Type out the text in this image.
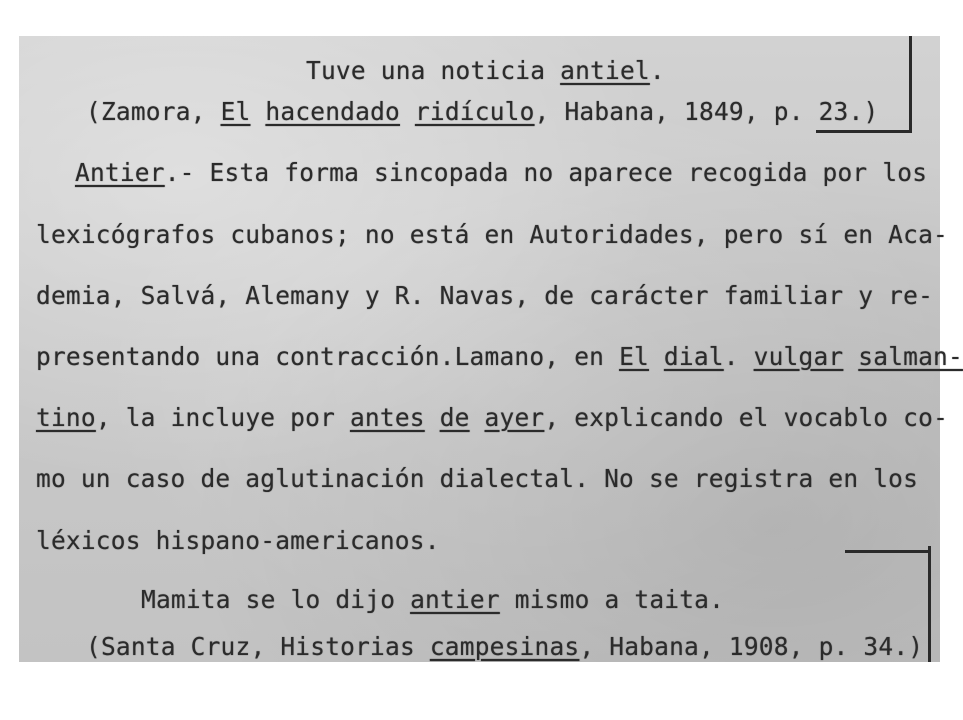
Tuve una noticia antiel.
(Zamora, El hacendado ridículo, Habana, 1849, p. 23.)
Antier.- Esta forma sincopada no aparece recogida por los
lexicógrafos cubanos; no está en Autoridades, pero sí en Aca-
demia, Salvá, Alemany y R. Navas, de carácter familiar y re-
presentando una contracción.Lamano, en El dial. vulgar salman-
tino, la incluye por antes de ayer, explicando el vocablo co-
mo un caso de aglutinación dialectal. No se registra en los
léxicos hispano-americanos.
Mamita se lo dijo antier mismo a taita.
(Santa Cruz, Historias campesinas, Habana, 1908, p. 34.)
